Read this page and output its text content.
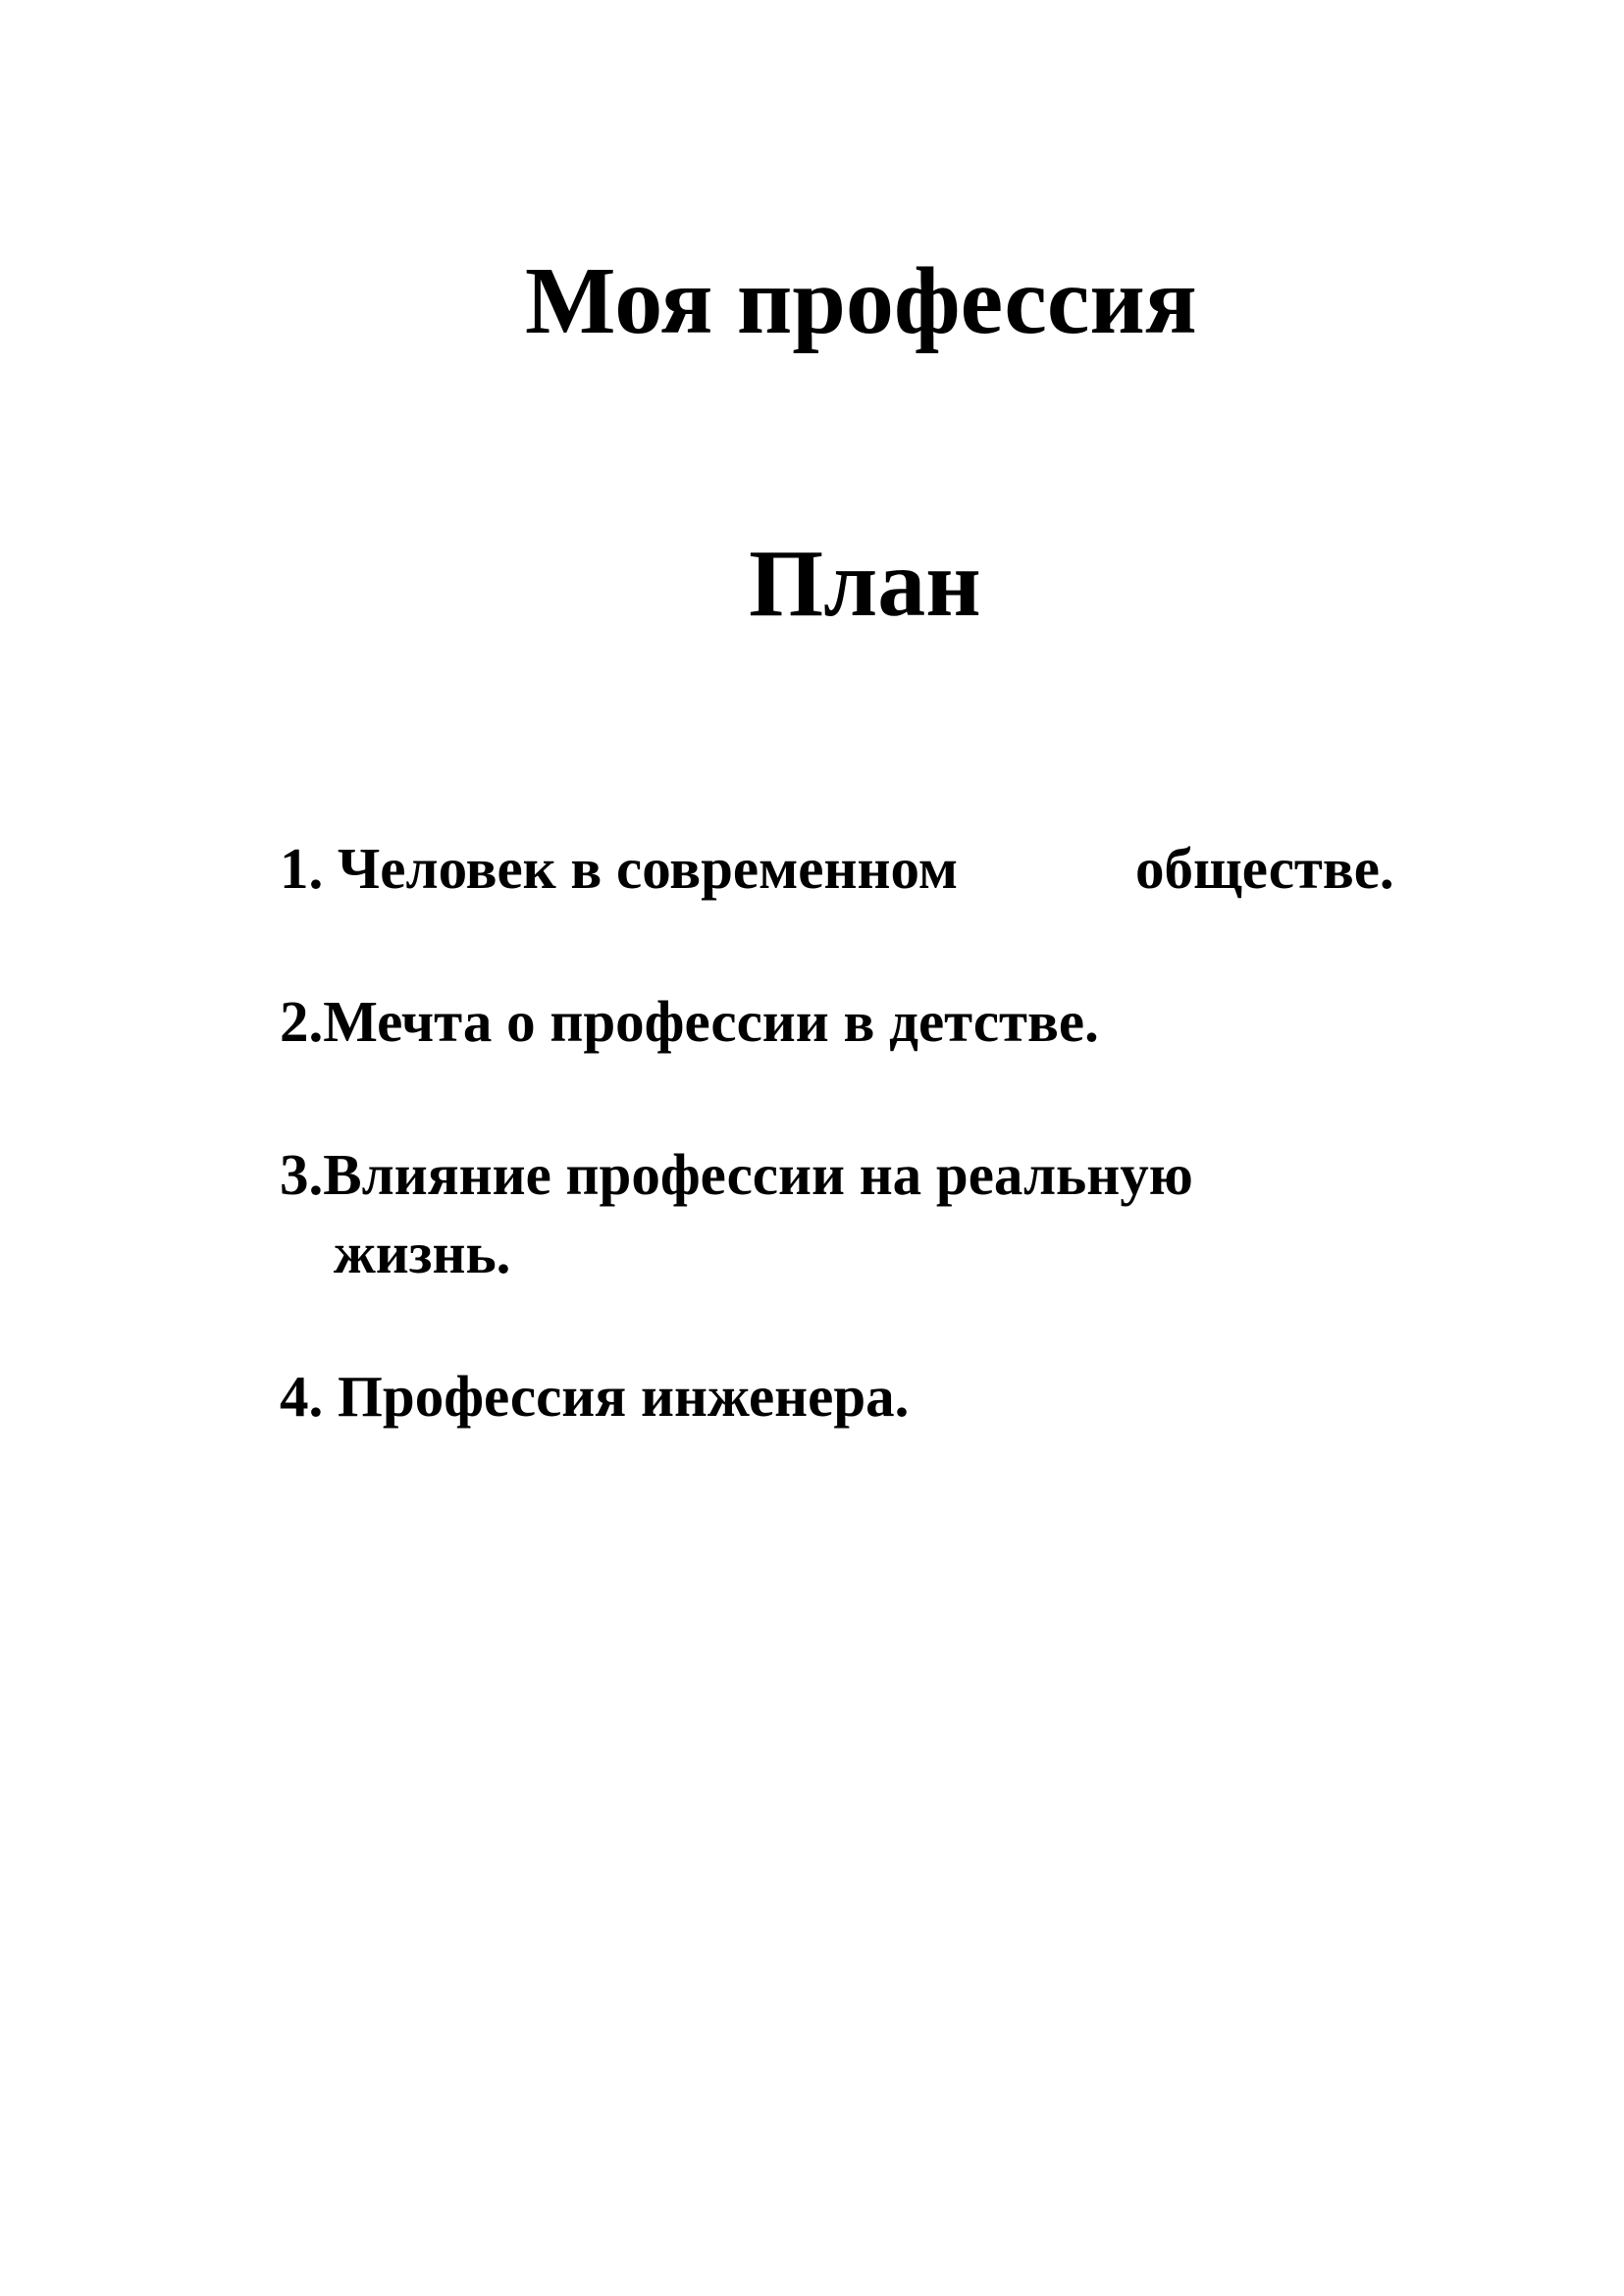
Моя профессия
План
1. Человек в современном	обществе.
2.Мечта о профессии в детстве.
3.Влияние профессии на реальную
жизнь.
4. Профессия инженера.
